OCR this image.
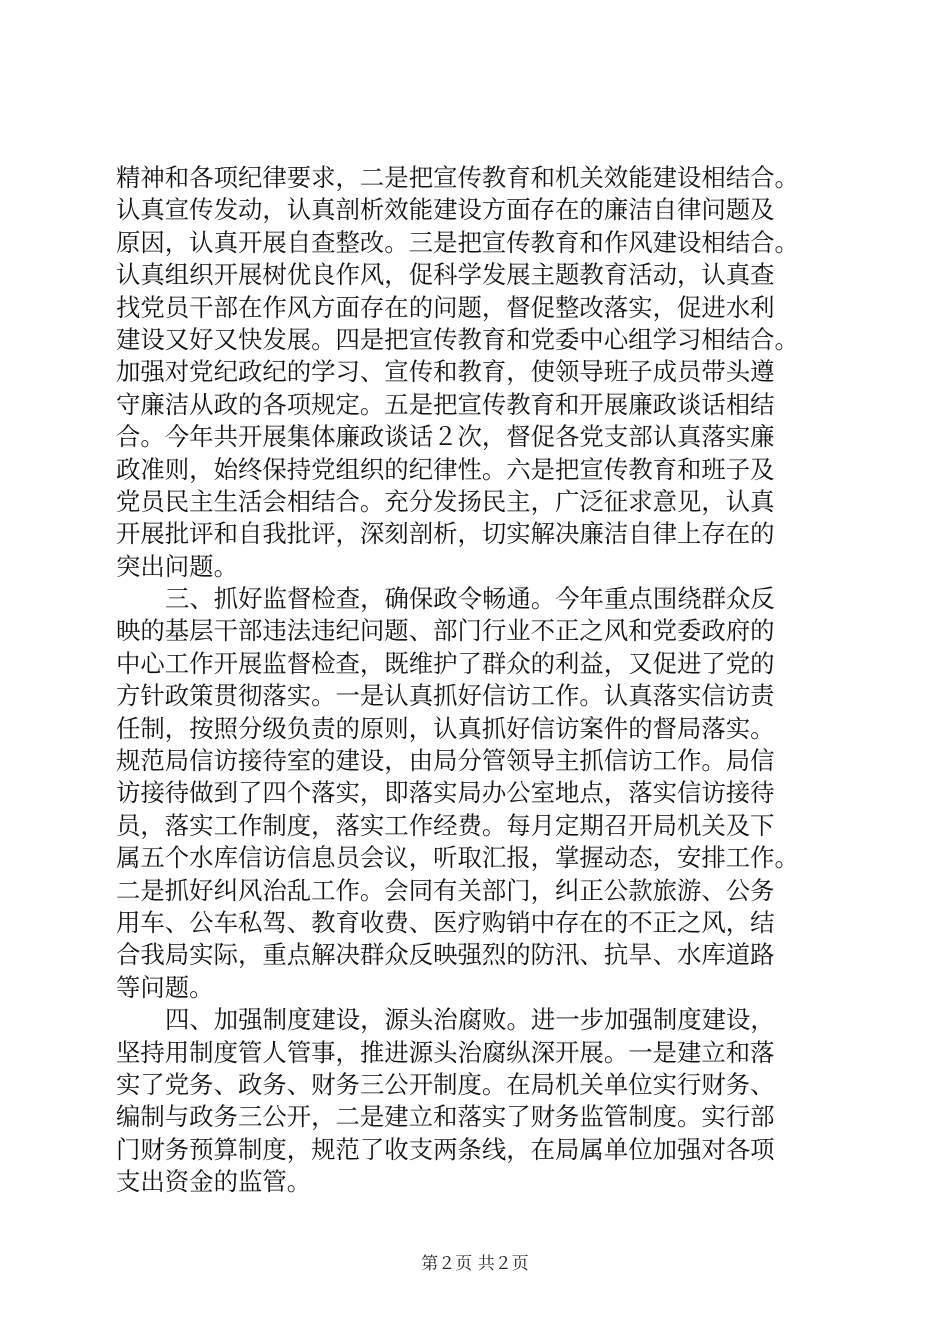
精神和各项纪律要求，二是把宣传教育和机关效能建设相结合。
认真宣传发动，认真剖析效能建设方面存在的廉洁自律问题及
原因，认真开展自查整改。三是把宣传教育和作风建设相结合。
认真组织开展树优良作风，促科学发展主题教育活动，认真查
找党员干部在作风方面存在的问题，督促整改落实，促进水利
建设又好又快发展。四是把宣传教育和党委中心组学习相结合。
加强对党纪政纪的学习、宣传和教育，使领导班子成员带头遵
守廉洁从政的各项规定。五是把宣传教育和开展廉政谈话相结
合。今年共开展集体廉政谈话２次，督促各党支部认真落实廉
政准则，始终保持党组织的纪律性。六是把宣传教育和班子及
党员民主生活会相结合。充分发扬民主，广泛征求意见，认真
开展批评和自我批评，深刻剖析，切实解决廉洁自律上存在的
突出问题。
三、抓好监督检查，确保政令畅通。今年重点围绕群众反
映的基层干部违法违纪问题、部门行业不正之风和党委政府的
中心工作开展监督检查，既维护了群众的利益，又促进了党的
方针政策贯彻落实。一是认真抓好信访工作。认真落实信访责
任制，按照分级负责的原则，认真抓好信访案件的督局落实。
规范局信访接待室的建设，由局分管领导主抓信访工作。局信
访接待做到了四个落实，即落实局办公室地点，落实信访接待
员，落实工作制度，落实工作经费。每月定期召开局机关及下
属五个水库信访信息员会议，听取汇报，掌握动态，安排工作。
二是抓好纠风治乱工作。会同有关部门，纠正公款旅游、公务
用车、公车私驾、教育收费、医疗购销中存在的不正之风，结
合我局实际，重点解决群众反映强烈的防汛、抗旱、水库道路
等问题。
四、加强制度建设，源头治腐败。进一步加强制度建设，
坚持用制度管人管事，推进源头治腐纵深开展。一是建立和落
实了党务、政务、财务三公开制度。在局机关单位实行财务、
编制与政务三公开，二是建立和落实了财务监管制度。实行部
门财务预算制度，规范了收支两条线，在局属单位加强对各项
支出资金的监管。
第２页 共２页
